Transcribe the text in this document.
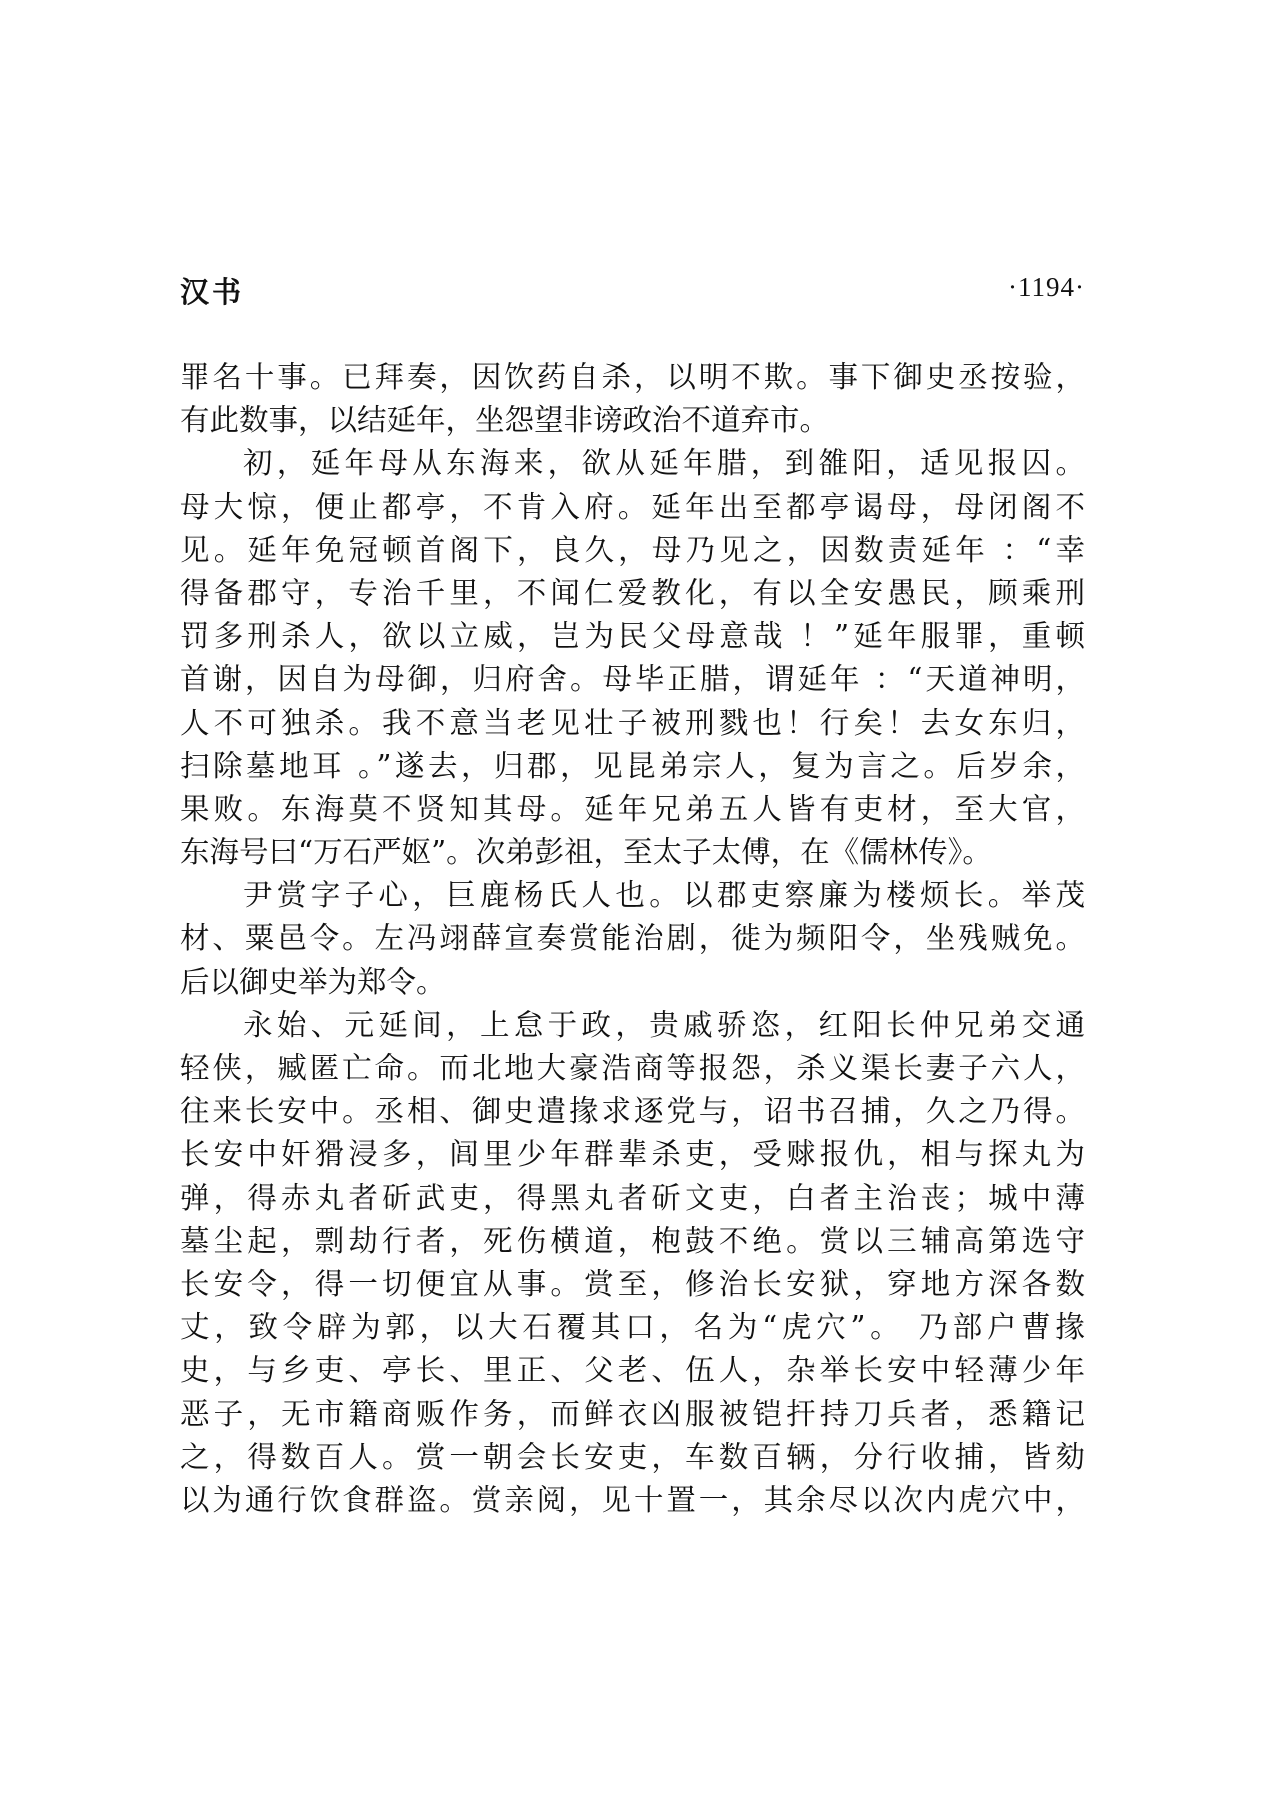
汉书	·1194·
罪名十事。已拜奏，因饮药自杀，以明不欺。事下御史丞按验，
有此数事，以结延年，坐怨望非谤政治不道弃市。
初，延年母从东海来，欲从延年腊，到雒阳，适见报囚。
母大惊，便止都亭，不肯入府。延年出至都亭谒母，母闭阁不
见。延年免冠顿首阁下，良久，母乃见之，因数责延年 ：“幸
得备郡守，专治千里，不闻仁爱教化，有以全安愚民，顾乘刑
罚多刑杀人，欲以立威，岂为民父母意哉 ！”延年服罪，重顿
首谢，因自为母御，归府舍。母毕正腊，谓延年 ：“天道神明，
人不可独杀。我不意当老见壮子被刑戮也！行矣！去女东归，
扫除墓地耳 。”遂去，归郡，见昆弟宗人，复为言之。后岁余，
果败。东海莫不贤知其母。延年兄弟五人皆有吏材，至大官，
东海号曰“万石严妪”。次弟彭祖，至太子太傅，在《儒林传》。
尹赏字子心，巨鹿杨氏人也。以郡吏察廉为楼烦长。举茂
材、粟邑令。左冯翊薛宣奏赏能治剧，徙为频阳令，坐残贼免。
后以御史举为郑令。
永始、元延间，上怠于政，贵戚骄恣，红阳长仲兄弟交通
轻侠，臧匿亡命。而北地大豪浩商等报怨，杀义渠长妻子六人，
往来长安中。丞相、御史遣掾求逐党与，诏书召捕，久之乃得。
长安中奸猾浸多，闾里少年群辈杀吏，受赇报仇，相与探丸为
弹，得赤丸者斫武吏，得黑丸者斫文吏，白者主治丧；城中薄
墓尘起，剽劫行者，死伤横道，枹鼓不绝。赏以三辅高第选守
长安令，得一切便宜从事。赏至，修治长安狱，穿地方深各数
丈，致令辟为郭，以大石覆其口，名为“虎穴”。 乃部户曹掾
史，与乡吏、亭长、里正、父老、伍人，杂举长安中轻薄少年
恶子，无市籍商贩作务，而鲜衣凶服被铠扞持刀兵者，悉籍记
之，得数百人。赏一朝会长安吏，车数百辆，分行收捕，皆劾
以为通行饮食群盗。赏亲阅，见十置一，其余尽以次内虎穴中，
